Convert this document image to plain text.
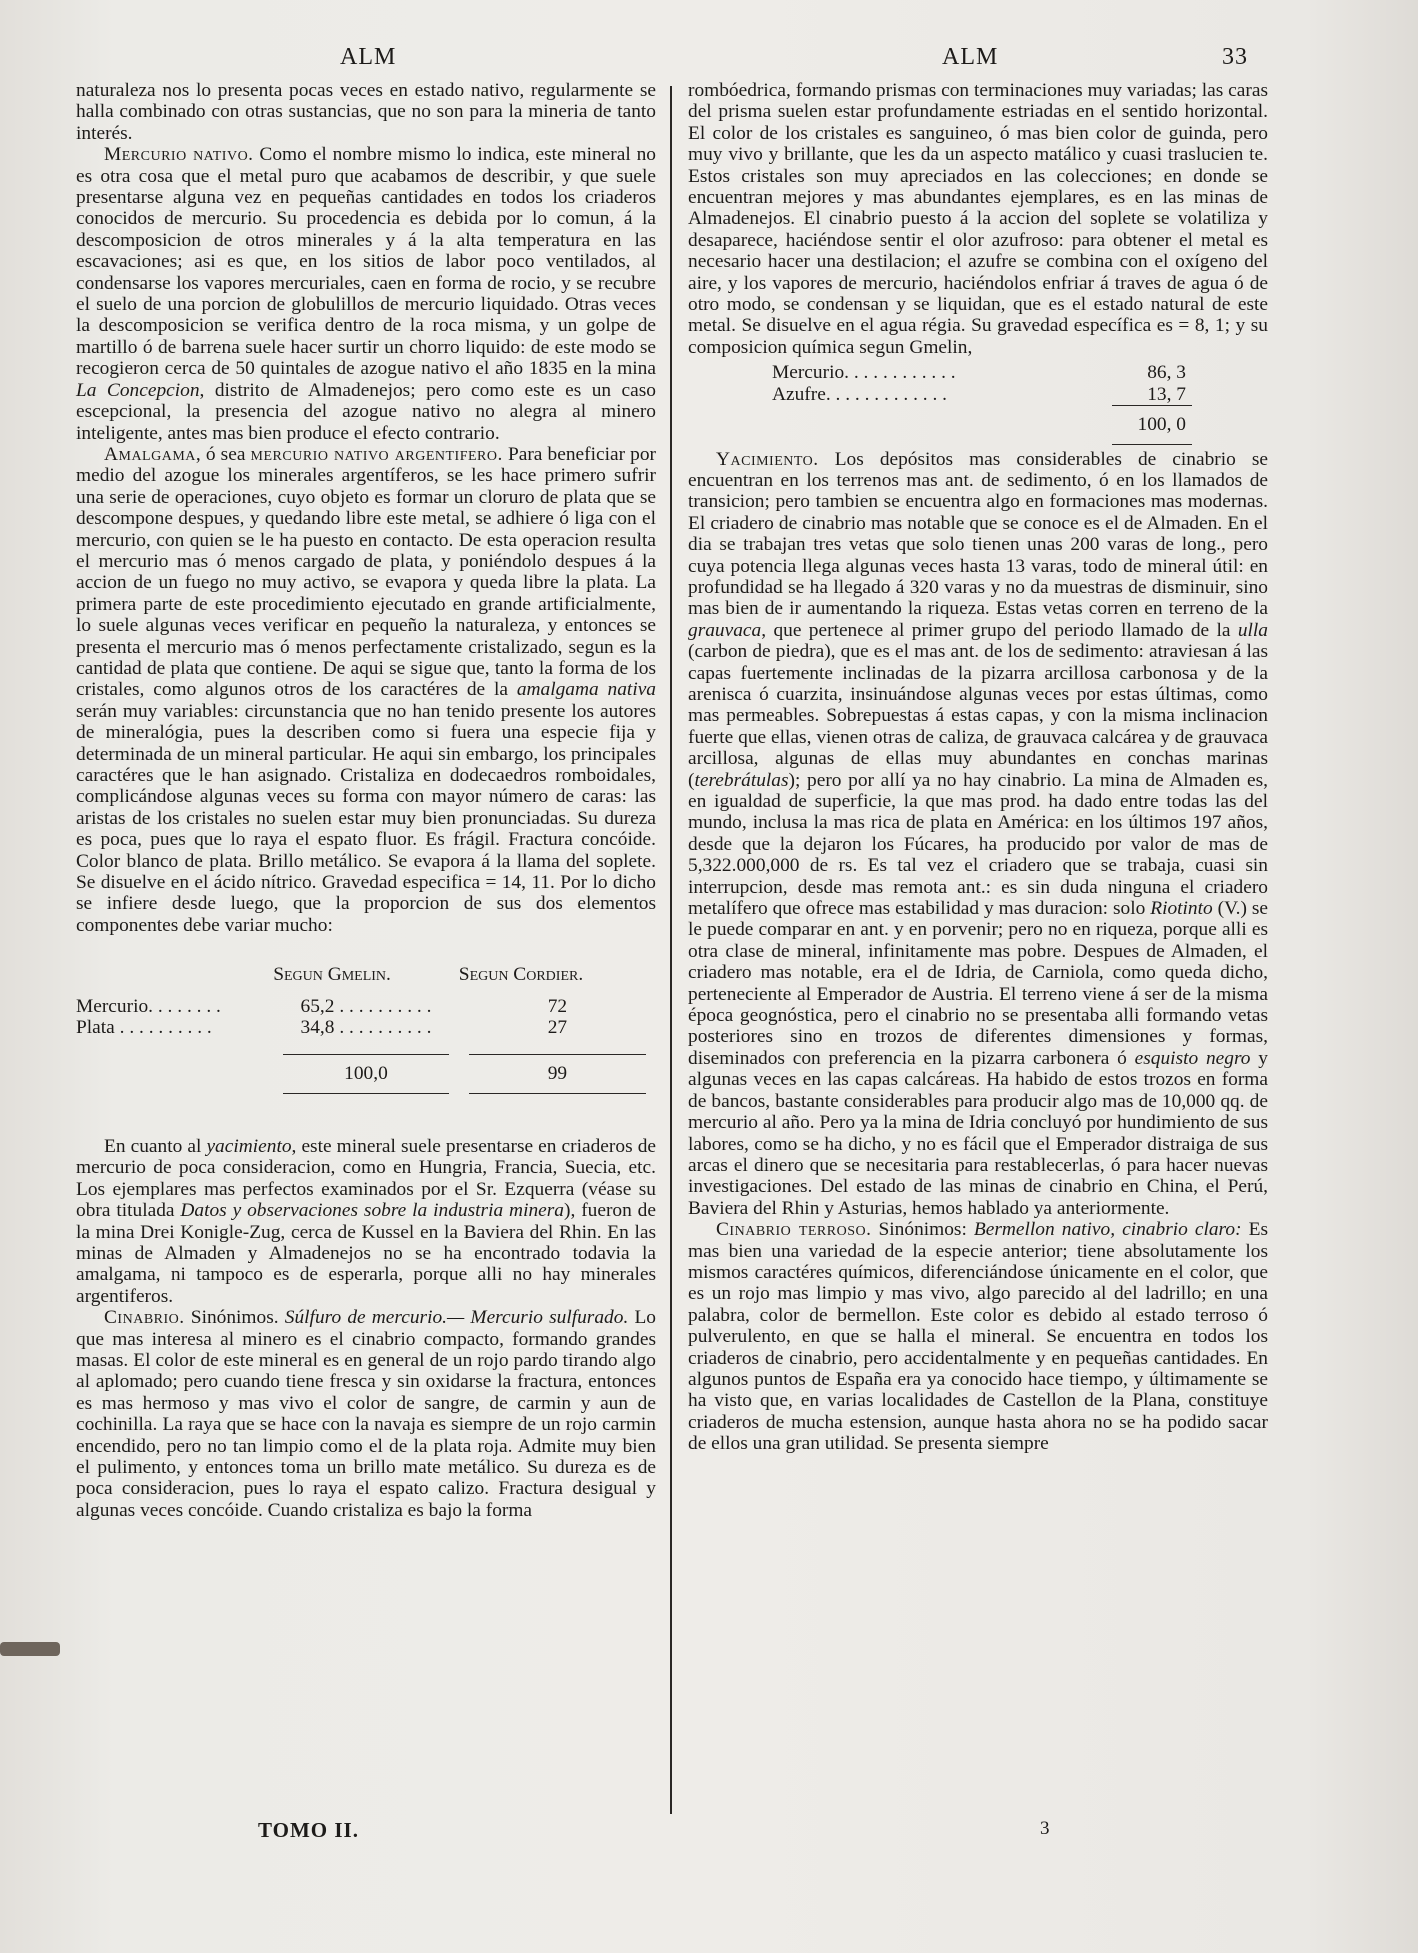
ALM	ALM	33

naturaleza nos lo presenta pocas veces en estado nativo, regularmente se halla combinado con otras sustancias, que no son para la mineria de tanto interés.

Mercurio nativo. Como el nombre mismo lo indica, este mineral no es otra cosa que el metal puro que acabamos de describir, y que suele presentarse alguna vez en pequeñas cantidades en todos los criaderos conocidos de mercurio. Su procedencia es debida por lo comun, á la descomposicion de otros minerales y á la alta temperatura en las escavaciones; asi es que, en los sitios de labor poco ventilados, al condensarse los vapores mercuriales, caen en forma de rocio, y se recubre el suelo de una porcion de globulillos de mercurio liquidado. Otras veces la descomposicion se verifica dentro de la roca misma, y un golpe de martillo ó de barrena suele hacer surtir un chorro liquido: de este modo se recogieron cerca de 50 quintales de azogue nativo el año 1835 en la mina La Concepcion, distrito de Almadenejos; pero como este es un caso escepcional, la presencia del azogue nativo no alegra al minero inteligente, antes mas bien produce el efecto contrario.

Amalgama, ó sea mercurio nativo argentifero. Para beneficiar por medio del azogue los minerales argentíferos, se les hace primero sufrir una serie de operaciones, cuyo objeto es formar un cloruro de plata que se descompone despues, y quedando libre este metal, se adhiere ó liga con el mercurio, con quien se le ha puesto en contacto. De esta operacion resulta el mercurio mas ó menos cargado de plata, y poniéndolo despues á la accion de un fuego no muy activo, se evapora y queda libre la plata. La primera parte de este procedimiento ejecutado en grande artificialmente, lo suele algunas veces verificar en pequeño la naturaleza, y entonces se presenta el mercurio mas ó menos perfectamente cristalizado, segun es la cantidad de plata que contiene. De aqui se sigue que, tanto la forma de los cristales, como algunos otros de los caractéres de la amalgama nativa serán muy variables: circunstancia que no han tenido presente los autores de mineralógia, pues la describen como si fuera una especie fija y determinada de un mineral particular. He aqui sin embargo, los principales caractéres que le han asignado. Cristaliza en dodecaedros romboidales, complicándose algunas veces su forma con mayor número de caras: las aristas de los cristales no suelen estar muy bien pronunciadas. Su dureza es poca, pues que lo raya el espato fluor. Es frágil. Fractura concóide. Color blanco de plata. Brillo metálico. Se evapora á la llama del soplete. Se disuelve en el ácido nítrico. Gravedad especifica = 14, 11. Por lo dicho se infiere desde luego, que la proporcion de sus dos elementos componentes debe variar mucho:

	Segun Gmelin.	Segun Cordier.
Mercurio. . . . . . . .	65,2 . . . . . . . . . .	72
Plata . . . . . . . . . .	34,8 . . . . . . . . . .	27

	100,0	99

En cuanto al yacimiento, este mineral suele presentarse en criaderos de mercurio de poca consideracion, como en Hungria, Francia, Suecia, etc. Los ejemplares mas perfectos examinados por el Sr. Ezquerra (véase su obra titulada Datos y observaciones sobre la industria minera), fueron de la mina Drei Konigle-Zug, cerca de Kussel en la Baviera del Rhin. En las minas de Almaden y Almadenejos no se ha encontrado todavia la amalgama, ni tampoco es de esperarla, porque alli no hay minerales argentiferos.

Cinabrio. Sinónimos. Súlfuro de mercurio.— Mercurio sulfurado. Lo que mas interesa al minero es el cinabrio compacto, formando grandes masas. El color de este mineral es en general de un rojo pardo tirando algo al aplomado; pero cuando tiene fresca y sin oxidarse la fractura, entonces es mas hermoso y mas vivo el color de sangre, de carmin y aun de cochinilla. La raya que se hace con la navaja es siempre de un rojo carmin encendido, pero no tan limpio como el de la plata roja. Admite muy bien el pulimento, y entonces toma un brillo mate metálico. Su dureza es de poca consideracion, pues lo raya el espato calizo. Fractura desigual y algunas veces concóide. Cuando cristaliza es bajo la forma

rombóedrica, formando prismas con terminaciones muy variadas; las caras del prisma suelen estar profundamente estriadas en el sentido horizontal. El color de los cristales es sanguineo, ó mas bien color de guinda, pero muy vivo y brillante, que les da un aspecto matálico y cuasi traslucien te. Estos cristales son muy apreciados en las colecciones; en donde se encuentran mejores y mas abundantes ejemplares, es en las minas de Almadenejos. El cinabrio puesto á la accion del soplete se volatiliza y desaparece, haciéndose sentir el olor azufroso: para obtener el metal es necesario hacer una destilacion; el azufre se combina con el oxígeno del aire, y los vapores de mercurio, haciéndolos enfriar á traves de agua ó de otro modo, se condensan y se liquidan, que es el estado natural de este metal. Se disuelve en el agua régia. Su gravedad específica es = 8, 1; y su composicion química segun Gmelin,

Mercurio. . . . . . . . . . . .	86, 3
Azufre. . . . . . . . . . . . .	13, 7
	100, 0

Yacimiento. Los depósitos mas considerables de cinabrio se encuentran en los terrenos mas ant. de sedimento, ó en los llamados de transicion; pero tambien se encuentra algo en formaciones mas modernas. El criadero de cinabrio mas notable que se conoce es el de Almaden. En el dia se trabajan tres vetas que solo tienen unas 200 varas de long., pero cuya potencia llega algunas veces hasta 13 varas, todo de mineral útil: en profundidad se ha llegado á 320 varas y no da muestras de disminuir, sino mas bien de ir aumentando la riqueza. Estas vetas corren en terreno de la grauvaca, que pertenece al primer grupo del periodo llamado de la ulla (carbon de piedra), que es el mas ant. de los de sedimento: atraviesan á las capas fuertemente inclinadas de la pizarra arcillosa carbonosa y de la arenisca ó cuarzita, insinuándose algunas veces por estas últimas, como mas permeables. Sobrepuestas á estas capas, y con la misma inclinacion fuerte que ellas, vienen otras de caliza, de grauvaca calcárea y de grauvaca arcillosa, algunas de ellas muy abundantes en conchas marinas (terebrátulas); pero por allí ya no hay cinabrio. La mina de Almaden es, en igualdad de superficie, la que mas prod. ha dado entre todas las del mundo, inclusa la mas rica de plata en América: en los últimos 197 años, desde que la dejaron los Fúcares, ha producido por valor de mas de 5,322.000,000 de rs. Es tal vez el criadero que se trabaja, cuasi sin interrupcion, desde mas remota ant.: es sin duda ninguna el criadero metalífero que ofrece mas estabilidad y mas duracion: solo Riotinto (V.) se le puede comparar en ant. y en porvenir; pero no en riqueza, porque alli es otra clase de mineral, infinitamente mas pobre. Despues de Almaden, el criadero mas notable, era el de Idria, de Carniola, como queda dicho, perteneciente al Emperador de Austria. El terreno viene á ser de la misma época geognóstica, pero el cinabrio no se presentaba alli formando vetas posteriores sino en trozos de diferentes dimensiones y formas, diseminados con preferencia en la pizarra carbonera ó esquisto negro y algunas veces en las capas calcáreas. Ha habido de estos trozos en forma de bancos, bastante considerables para producir algo mas de 10,000 qq. de mercurio al año. Pero ya la mina de Idria concluyó por hundimiento de sus labores, como se ha dicho, y no es fácil que el Emperador distraiga de sus arcas el dinero que se necesitaria para restablecerlas, ó para hacer nuevas investigaciones. Del estado de las minas de cinabrio en China, el Perú, Baviera del Rhin y Asturias, hemos hablado ya anteriormente.

Cinabrio terroso. Sinónimos: Bermellon nativo, cinabrio claro: Es mas bien una variedad de la especie anterior; tiene absolutamente los mismos caractéres químicos, diferenciándose únicamente en el color, que es un rojo mas limpio y mas vivo, algo parecido al del ladrillo; en una palabra, color de bermellon. Este color es debido al estado terroso ó pulverulento, en que se halla el mineral. Se encuentra en todos los criaderos de cinabrio, pero accidentalmente y en pequeñas cantidades. En algunos puntos de España era ya conocido hace tiempo, y últimamente se ha visto que, en varias localidades de Castellon de la Plana, constituye criaderos de mucha estension, aunque hasta ahora no se ha podido sacar de ellos una gran utilidad. Se presenta siempre

TOMO II.	3
